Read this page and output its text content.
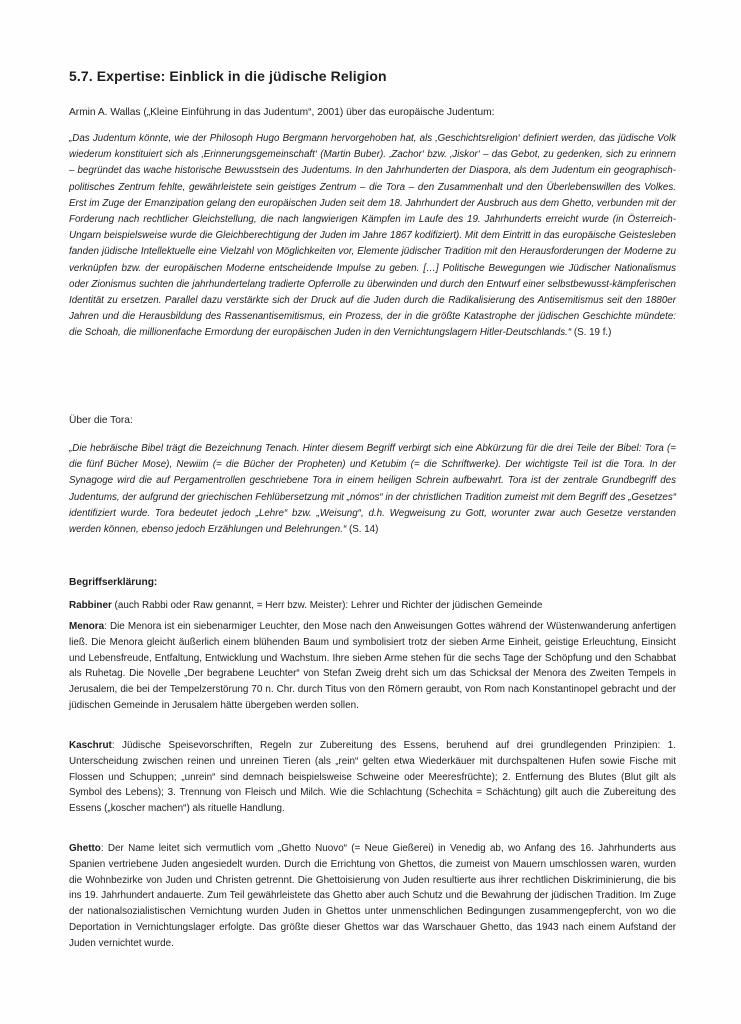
5.7. Expertise: Einblick in die jüdische Religion

Armin A. Wallas („Kleine Einführung in das Judentum“, 2001) über das europäische Judentum:

„Das Judentum könnte, wie der Philosoph Hugo Bergmann hervorgehoben hat, als ‚Geschichtsreligion‘ definiert werden, das jüdische Volk wiederum konstituiert sich als ‚Erinnerungsgemeinschaft‘ (Martin Buber). ‚Zachor‘ bzw. ‚Jiskor‘ – das Gebot, zu gedenken, sich zu erinnern – begründet das wache historische Bewusstsein des Judentums. In den Jahrhunderten der Diaspora, als dem Judentum ein geographisch-politisches Zentrum fehlte, gewährleistete sein geistiges Zentrum – die Tora – den Zusammenhalt und den Überlebenswillen des Volkes. Erst im Zuge der Emanzipation gelang den europäischen Juden seit dem 18. Jahrhundert der Ausbruch aus dem Ghetto, verbunden mit der Forderung nach rechtlicher Gleichstellung, die nach langwierigen Kämpfen im Laufe des 19. Jahrhunderts erreicht wurde (in Österreich-Ungarn beispielsweise wurde die Gleichberechtigung der Juden im Jahre 1867 kodifiziert). Mit dem Eintritt in das europäische Geistesleben fanden jüdische Intellektuelle eine Vielzahl von Möglichkeiten vor, Elemente jüdischer Tradition mit den Herausforderungen der Moderne zu verknüpfen bzw. der europäischen Moderne entscheidende Impulse zu geben. […] Politische Bewegungen wie Jüdischer Nationalismus oder Zionismus suchten die jahrhundertelang tradierte Opferrolle zu überwinden und durch den Entwurf einer selbstbewusst-kämpferischen Identität zu ersetzen. Parallel dazu verstärkte sich der Druck auf die Juden durch die Radikalisierung des Antisemitismus seit den 1880er Jahren und die Herausbildung des Rassenantisemitismus, ein Prozess, der in die größte Katastrophe der jüdischen Geschichte mündete: die Schoah, die millionenfache Ermordung der europäischen Juden in den Vernichtungslagern Hitler-Deutschlands.“ (S. 19 f.)

Über die Tora:

„Die hebräische Bibel trägt die Bezeichnung Tenach. Hinter diesem Begriff verbirgt sich eine Abkürzung für die drei Teile der Bibel: Tora (= die fünf Bücher Mose), Newiim (= die Bücher der Propheten) und Ketubim (= die Schriftwerke). Der wichtigste Teil ist die Tora. In der Synagoge wird die auf Pergamentrollen geschriebene Tora in einem heiligen Schrein aufbewahrt. Tora ist der zentrale Grundbegriff des Judentums, der aufgrund der griechischen Fehlübersetzung mit „nómos“ in der christlichen Tradition zumeist mit dem Begriff des „Gesetzes“ identifiziert wurde. Tora bedeutet jedoch „Lehre“ bzw. „Weisung“, d.h. Wegweisung zu Gott, worunter zwar auch Gesetze verstanden werden können, ebenso jedoch Erzählungen und Belehrungen.“ (S. 14)

Begriffserklärung:

Rabbiner (auch Rabbi oder Raw genannt, = Herr bzw. Meister): Lehrer und Richter der jüdischen Gemeinde

Menora: Die Menora ist ein siebenarmiger Leuchter, den Mose nach den Anweisungen Gottes während der Wüstenwanderung anfertigen ließ. Die Menora gleicht äußerlich einem blühenden Baum und symbolisiert trotz der sieben Arme Einheit, geistige Erleuchtung, Einsicht und Lebensfreude, Entfaltung, Entwicklung und Wachstum. Ihre sieben Arme stehen für die sechs Tage der Schöpfung und den Schabbat als Ruhetag. Die Novelle „Der begrabene Leuchter“ von Stefan Zweig dreht sich um das Schicksal der Menora des Zweiten Tempels in Jerusalem, die bei der Tempelzerstörung 70 n. Chr. durch Titus von den Römern geraubt, von Rom nach Konstantinopel gebracht und der jüdischen Gemeinde in Jerusalem hätte übergeben werden sollen.

Kaschrut: Jüdische Speisevorschriften, Regeln zur Zubereitung des Essens, beruhend auf drei grundlegenden Prinzipien: 1. Unterscheidung zwischen reinen und unreinen Tieren (als „rein“ gelten etwa Wiederkäuer mit durchspaltenen Hufen sowie Fische mit Flossen und Schuppen; „unrein“ sind demnach beispielsweise Schweine oder Meeresfrüchte); 2. Entfernung des Blutes (Blut gilt als Symbol des Lebens); 3. Trennung von Fleisch und Milch. Wie die Schlachtung (Schechita = Schächtung) gilt auch die Zubereitung des Essens („koscher machen“) als rituelle Handlung.

Ghetto: Der Name leitet sich vermutlich vom „Ghetto Nuovo“ (= Neue Gießerei) in Venedig ab, wo Anfang des 16. Jahrhunderts aus Spanien vertriebene Juden angesiedelt wurden. Durch die Errichtung von Ghettos, die zumeist von Mauern umschlossen waren, wurden die Wohnbezirke von Juden und Christen getrennt. Die Ghettoisierung von Juden resultierte aus ihrer rechtlichen Diskriminierung, die bis ins 19. Jahrhundert andauerte. Zum Teil gewährleistete das Ghetto aber auch Schutz und die Bewahrung der jüdischen Tradition. Im Zuge der nationalsozialistischen Vernichtung wurden Juden in Ghettos unter unmenschlichen Bedingungen zusammengepfercht, von wo die Deportation in Vernichtungslager erfolgte. Das größte dieser Ghettos war das Warschauer Ghetto, das 1943 nach einem Aufstand der Juden vernichtet wurde.
